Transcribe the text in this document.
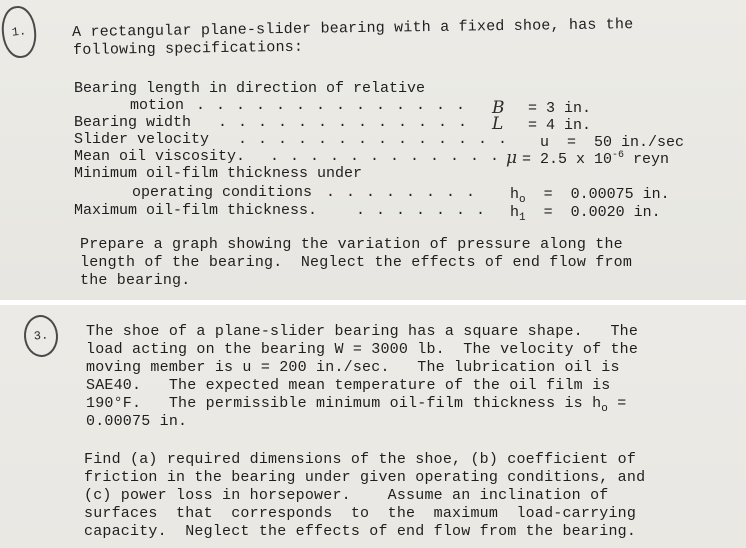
1.	A rectangular plane-slider bearing with a fixed shoe, has the
following specifications:
Bearing length in direction of relative
motion . . . . . . . . . . . . . . B = 3 in.
Bearing width . . . . . . . . . . . . . L = 4 in.
Slider velocity . . . . . . . . . . . . . . u  =  50 in./sec
Mean oil viscosity. . . . . . . . . . . . . μ = 2.5 x $10^{-6}$ reyn
Minimum oil-film thickness under
operating conditions . . . . . . . . $h_o = 0.00075$ in.
Maximum oil-film thickness.	. . . . . . . $h_1 = 0.0020$ in.
Prepare a graph showing the variation of pressure along the
length of the bearing.  Neglect the effects of end flow from
the bearing.
3. The shoe of a plane-slider bearing has a square shape.   The
load acting on the bearing W = 3000 lb.  The velocity of the
moving member is u = 200 in./sec.   The lubrication oil is
SAE40.   The expected mean temperature of the oil film is
190°F.   The permissible minimum oil-film thickness is $h_o$ =
0.00075 in.
Find (a) required dimensions of the shoe, (b) coefficient of
friction in the bearing under given operating conditions, and
(c) power loss in horsepower.    Assume an inclination of
surfaces  that  corresponds  to  the  maximum  load-carrying
capacity.  Neglect the effects of end flow from the bearing.
